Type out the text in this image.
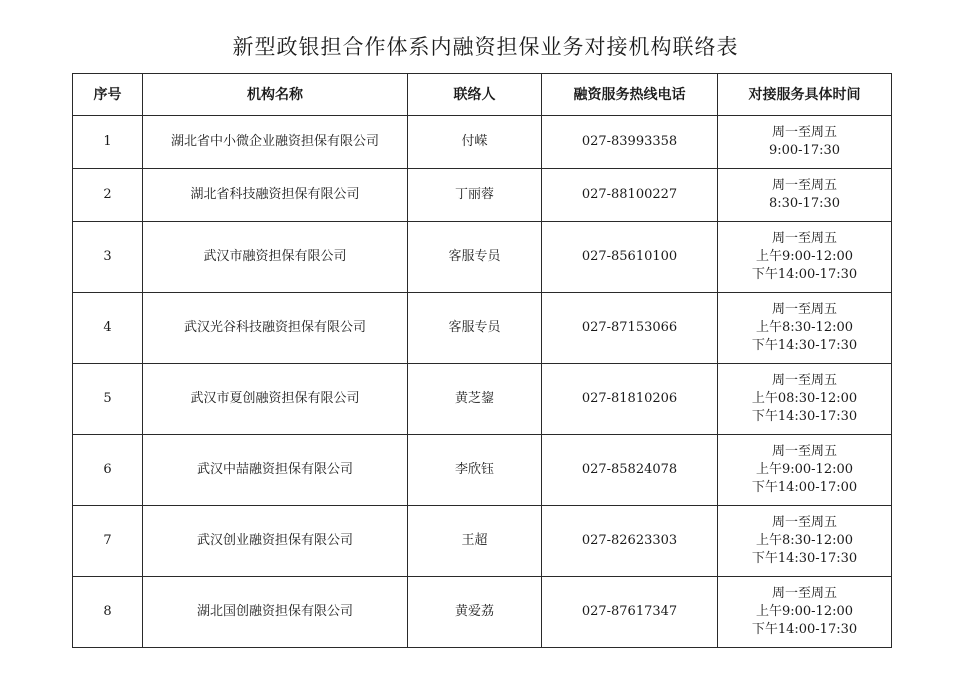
新型政银担合作体系内融资担保业务对接机构联络表
序号	机构名称	联络人	融资服务热线电话	对接服务具体时间
1	湖北省中小微企业融资担保有限公司	付嵘	027-83993358	周一至周五
9:00-17:30

2	湖北省科技融资担保有限公司	丁丽蓉	027-88100227	周一至周五
8:30-17:30

3	武汉市融资担保有限公司	客服专员	027-85610100	周一至周五
上午9:00-12:00
下午14:00-17:30

4	武汉光谷科技融资担保有限公司	客服专员	027-87153066	周一至周五
上午8:30-12:00
下午14:30-17:30

5	武汉市夏创融资担保有限公司	黄芝鋆	027-81810206	周一至周五
上午08:30-12:00
下午14:30-17:30

6	武汉中喆融资担保有限公司	李欣钰	027-85824078	周一至周五
上午9:00-12:00
下午14:00-17:00

7	武汉创业融资担保有限公司	王超	027-82623303	周一至周五
上午8:30-12:00
下午14:30-17:30

8	湖北国创融资担保有限公司	黄爱荔	027-87617347	周一至周五
上午9:00-12:00
下午14:00-17:30
